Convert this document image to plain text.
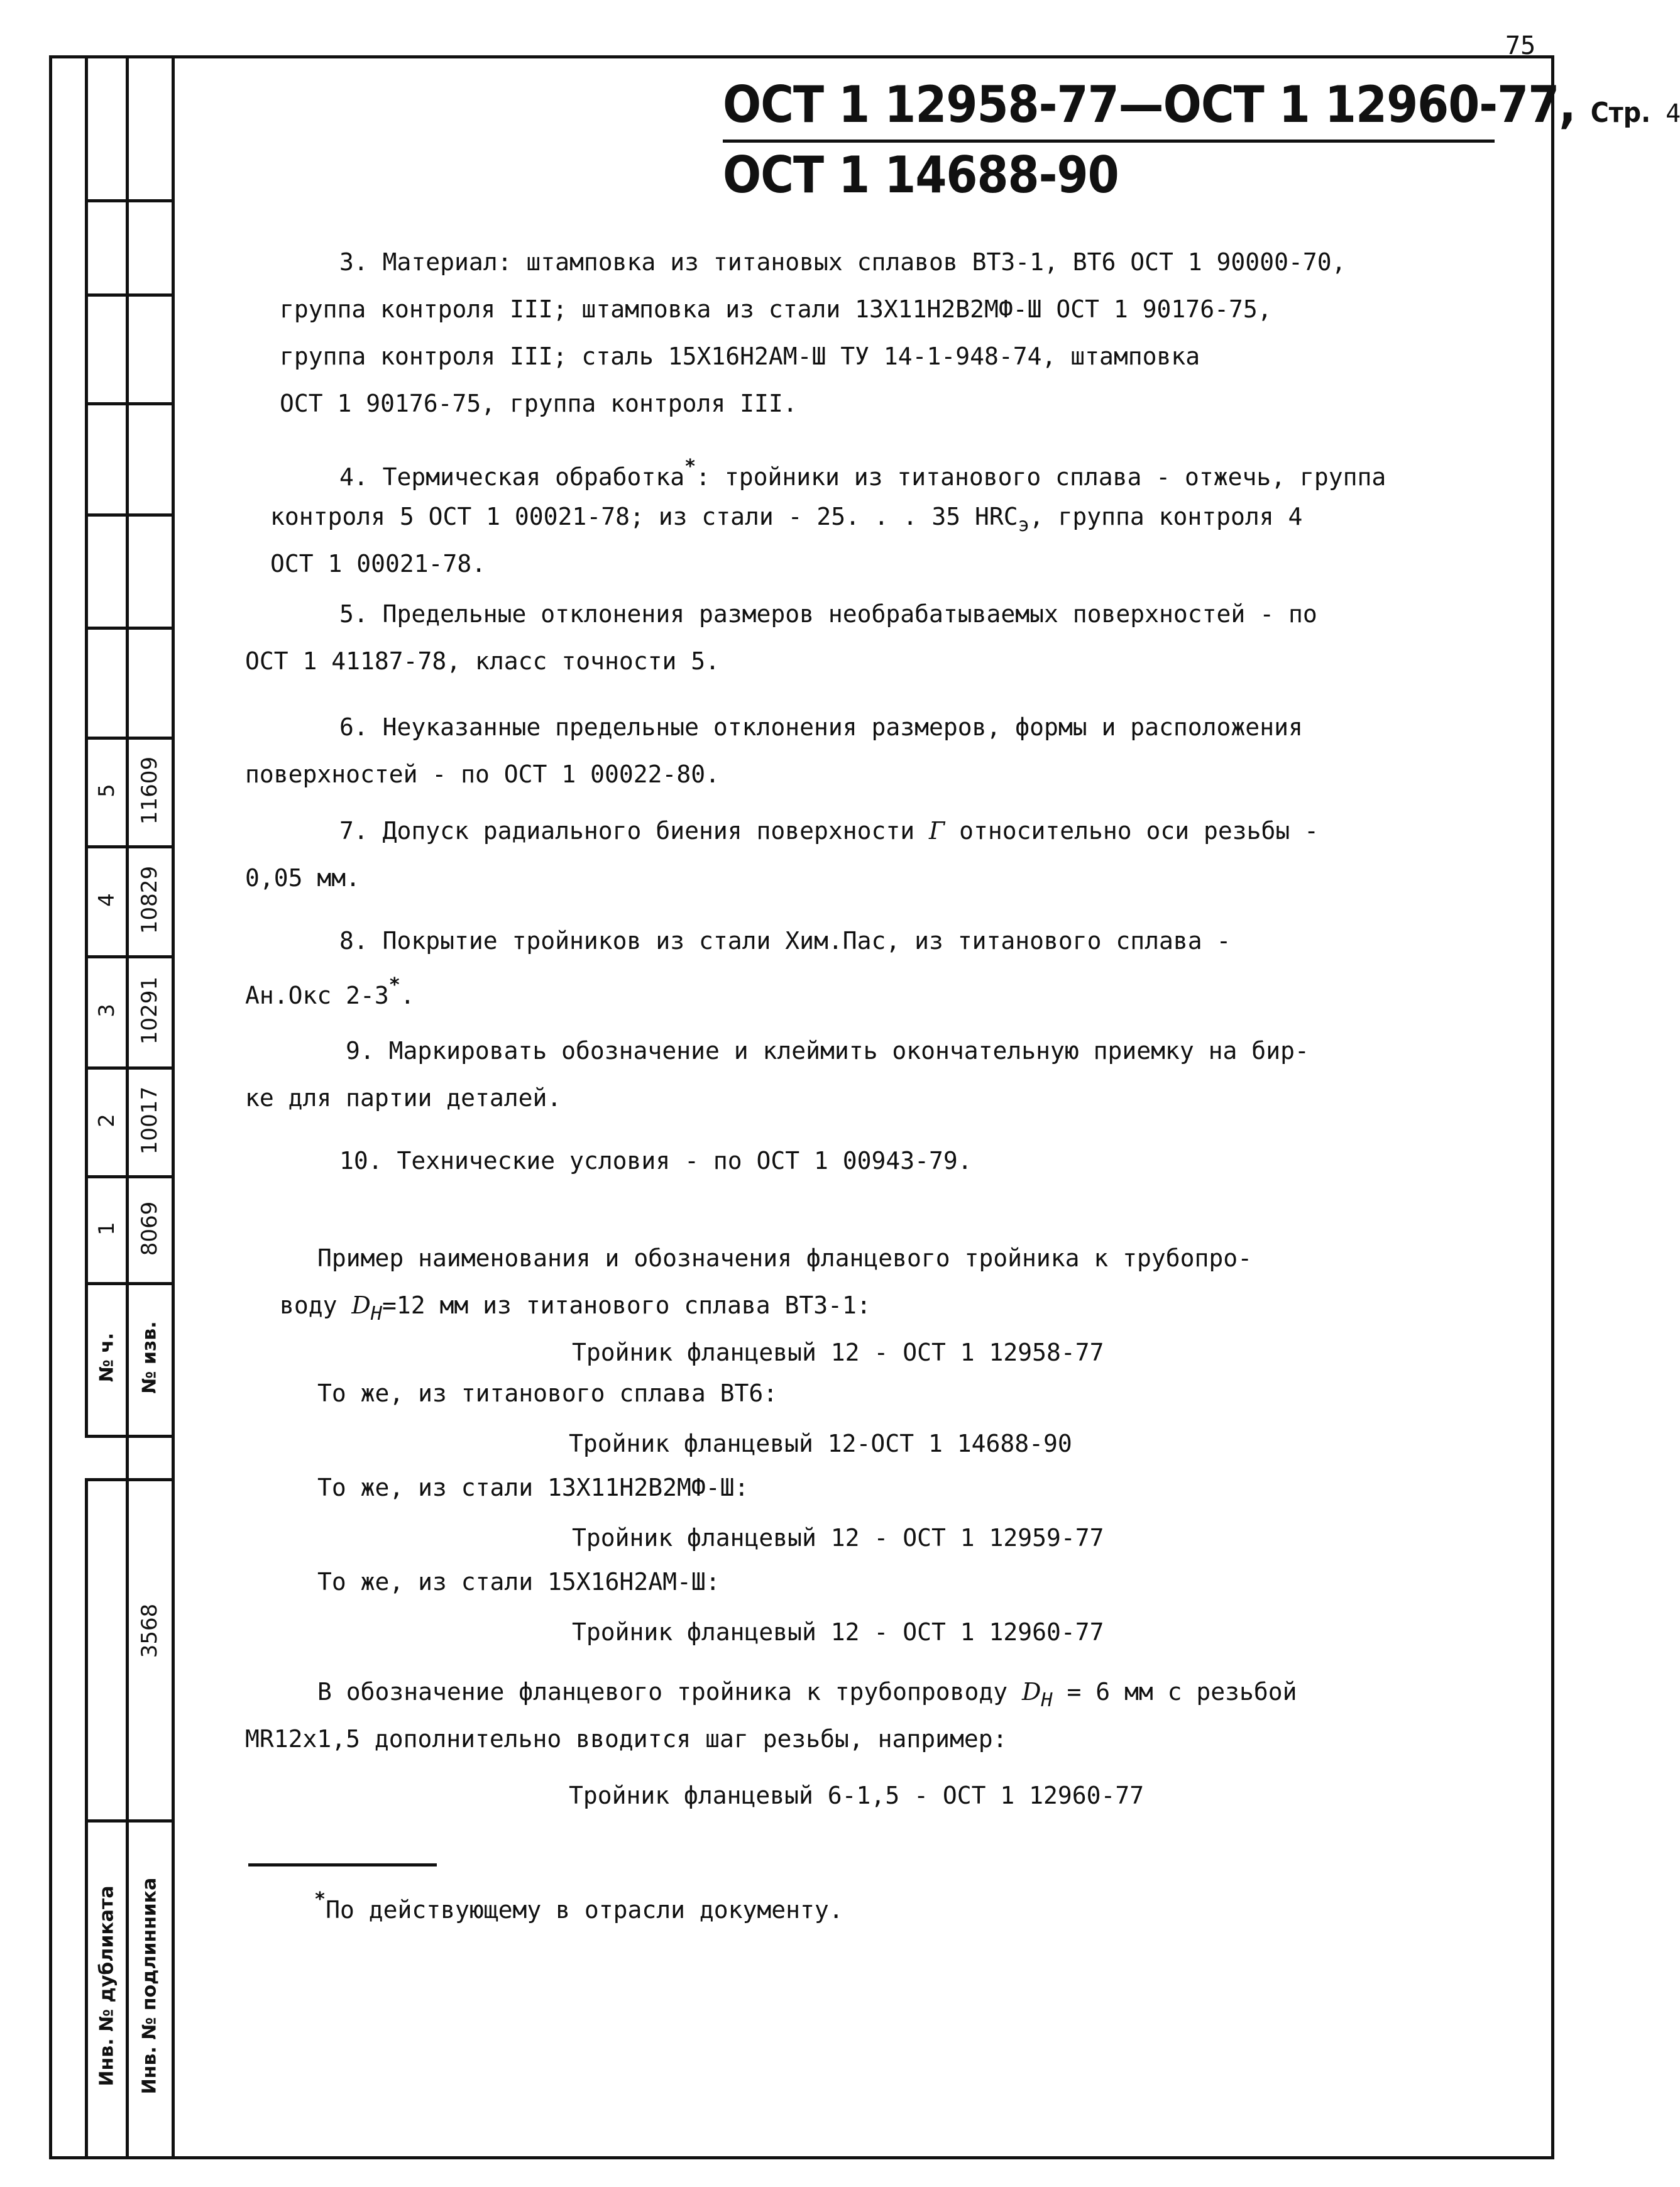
75
5
4
3
2
1
11609
10829
10291
10017
8069
№ ч. № изв.
3568
Инв. № дубликата Инв. № подлинника
ОСТ 1 12958-77—ОСТ 1 12960-77, Стр. 4
ОСТ 1 14688-90
3. Материал: штамповка из титановых сплавов ВТ3-1, ВТ6 ОСТ 1 90000-70,
группа контроля III; штамповка из стали 13Х11Н2В2МФ-Ш ОСТ 1 90176-75,
группа контроля III; сталь 15Х16Н2АМ-Ш ТУ 14-1-948-74, штамповка
ОСТ 1 90176-75, группа контроля III.
4. Термическая обработка*: тройники из титанового сплава - отжечь, группа
контроля 5 ОСТ 1 00021-78; из стали - 25. . . 35 $HRC_э$, группа контроля 4
ОСТ 1 00021-78.
5. Предельные отклонения размеров необрабатываемых поверхностей - по
ОСТ 1 41187-78, класс точности 5.
6. Неуказанные предельные отклонения размеров, формы и расположения
поверхностей - по ОСТ 1 00022-80.
7. Допуск радиального биения поверхности Г относительно оси резьбы -
0,05 мм.
8. Покрытие тройников из стали Хим.Пас, из титанового сплава -
Ан.Окс 2-3*.
9. Маркировать обозначение и клеймить окончательную приемку на бир-
ке для партии деталей.
10. Технические условия - по ОСТ 1 00943-79.
Пример наименования и обозначения фланцевого тройника к трубопро-
воду $D_Н=12$ мм из титанового сплава ВТ3-1:
Тройник фланцевый 12 - ОСТ 1 12958-77
То же, из титанового сплава ВТ6:
Тройник фланцевый 12-ОСТ 1 14688-90
То же, из стали 13Х11Н2В2МФ-Ш:
Тройник фланцевый 12 - ОСТ 1 12959-77
То же, из стали 15Х16Н2АМ-Ш:
Тройник фланцевый 12 - ОСТ 1 12960-77
В обозначение фланцевого тройника к трубопроводу $D_Н = 6$ мм с резьбой
MR12x1,5 дополнительно вводится шаг резьбы, например:
Тройник фланцевый 6-1,5 - ОСТ 1 12960-77
*По действующему в отрасли документу.
